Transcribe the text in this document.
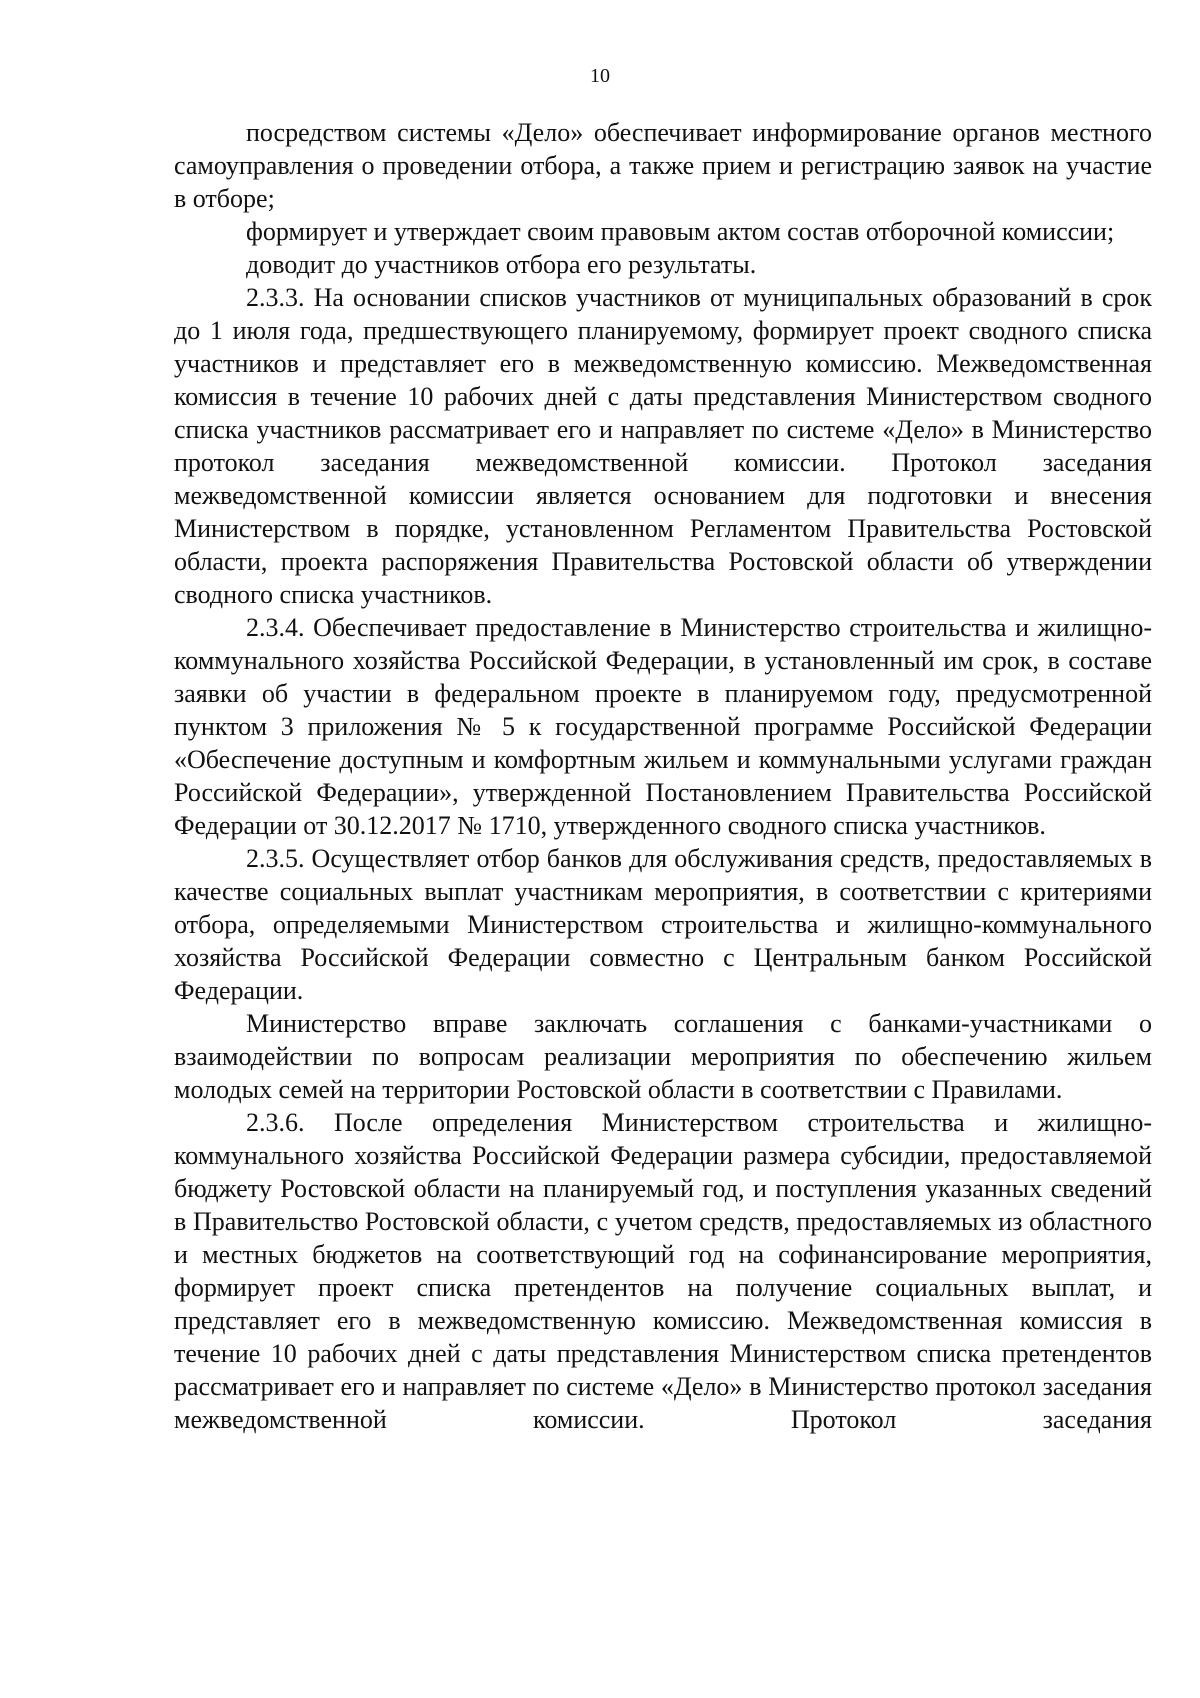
10

посредством системы «Дело» обеспечивает информирование органов местного самоуправления о проведении отбора, а также прием и регистрацию заявок на участие в отборе;

формирует и утверждает своим правовым актом состав отборочной комиссии;

доводит до участников отбора его результаты.

2.3.3. На основании списков участников от муниципальных образований в срок до 1 июля года, предшествующего планируемому, формирует проект сводного списка участников и представляет его в межведомственную комиссию. Межведомственная комиссия в течение 10 рабочих дней с даты представления Министерством сводного списка участников рассматривает его и направляет по системе «Дело» в Министерство протокол заседания межведомственной комиссии. Протокол заседания межведомственной комиссии является основанием для подготовки и внесения Министерством в порядке, установленном Регламентом Правительства Ростовской области, проекта распоряжения Правительства Ростовской области об утверждении сводного списка участников.

2.3.4. Обеспечивает предоставление в Министерство строительства и жилищно-коммунального хозяйства Российской Федерации, в установленный им срок, в составе заявки об участии в федеральном проекте в планируемом году, предусмотренной пунктом 3 приложения № 5 к государственной программе Российской Федерации «Обеспечение доступным и комфортным жильем и коммунальными услугами граждан Российской Федерации», утвержденной Постановлением Правительства Российской Федерации от 30.12.2017 № 1710, утвержденного сводного списка участников.

2.3.5. Осуществляет отбор банков для обслуживания средств, предоставляемых в качестве социальных выплат участникам мероприятия, в соответствии с критериями отбора, определяемыми Министерством строительства и жилищно-коммунального хозяйства Российской Федерации совместно с Центральным банком Российской Федерации.

Министерство вправе заключать соглашения с банками-участниками о взаимодействии по вопросам реализации мероприятия по обеспечению жильем молодых семей на территории Ростовской области в соответствии с Правилами.

2.3.6. После определения Министерством строительства и жилищно-коммунального хозяйства Российской Федерации размера субсидии, предоставляемой бюджету Ростовской области на планируемый год, и поступления указанных сведений в Правительство Ростовской области, с учетом средств, предоставляемых из областного и местных бюджетов на соответствующий год на софинансирование мероприятия, формирует проект списка претендентов на получение социальных выплат, и представляет его в межведомственную комиссию. Межведомственная комиссия в течение 10 рабочих дней с даты представления Министерством списка претендентов рассматривает его и направляет по системе «Дело» в Министерство протокол заседания межведомственной комиссии. Протокол заседания
